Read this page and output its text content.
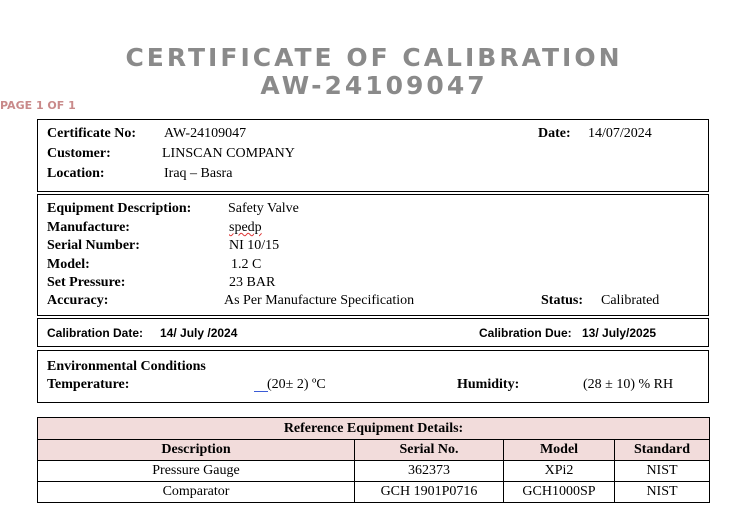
CERTIFICATE OF CALIBRATION
AW-24109047
PAGE 1 OF 1
Certificate No: AW-24109047	Date: 14/07/2024
Customer:	LINSCAN COMPANY
Location:	Iraq – Basra
Equipment Description:	Safety Valve
Manufacture:	spedp
Serial Number:	NI 10/15
Model:	1.2 C
Set Pressure:	23 BAR
Accuracy:	As Per Manufacture Specification	Status: Calibrated
Calibration Date: 14/ July /2024	Calibration Due: 13/ July/2025
Environmental Conditions
Temperature:	(20± 2) ºC	Humidity:	(28 ± 10) % RH
Reference Equipment Details:			
Description	Serial No.	Model	Standard
Pressure Gauge	362373	XPi2	NIST
Comparator	GCH 1901P0716	GCH1000SP	NIST
